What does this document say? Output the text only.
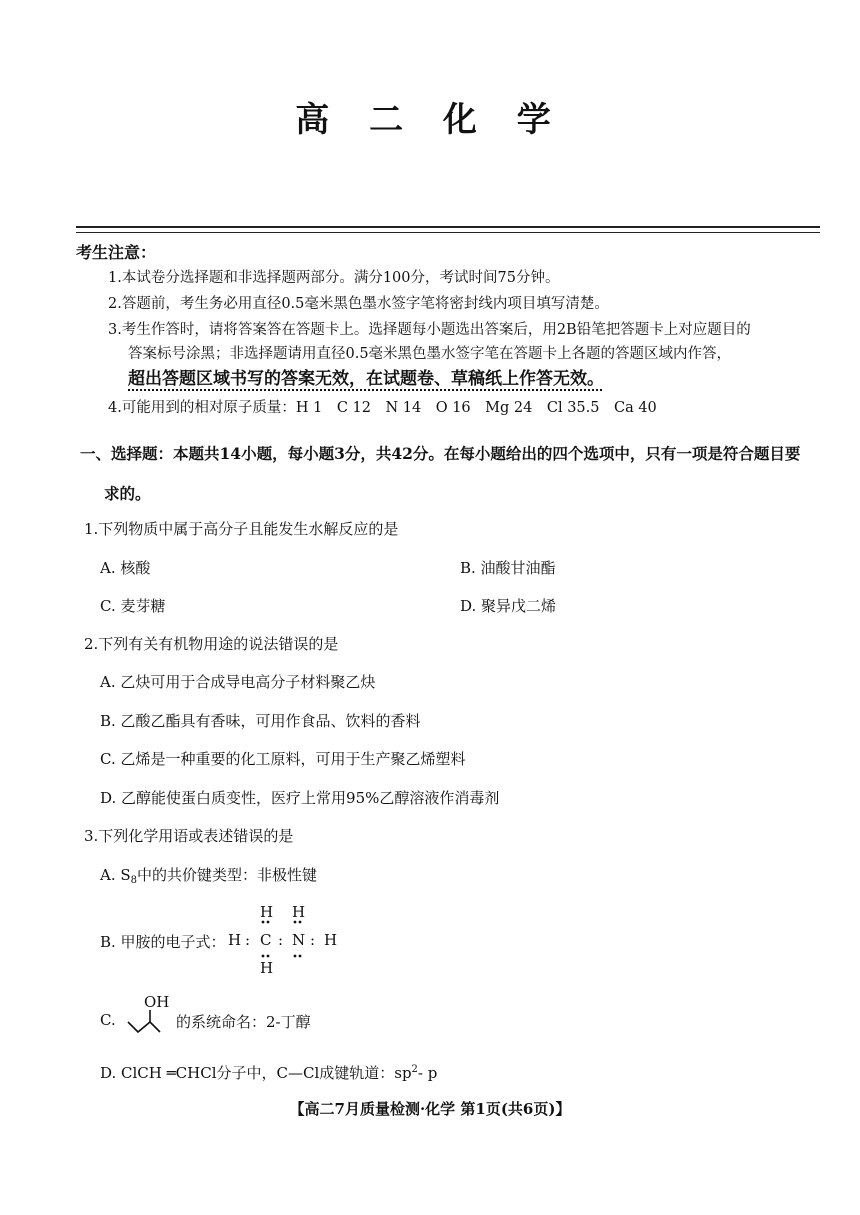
高 二 化 学
考生注意：
1.本试卷分选择题和非选择题两部分。满分100分，考试时间75分钟。
2.答题前，考生务必用直径0.5毫米黑色墨水签字笔将密封线内项目填写清楚。
3.考生作答时，请将答案答在答题卡上。选择题每小题选出答案后，用2B铅笔把答题卡上对应题目的
答案标号涂黑；非选择题请用直径0.5毫米黑色墨水签字笔在答题卡上各题的答题区域内作答，
超出答题区域书写的答案无效，在试题卷、草稿纸上作答无效。
4.可能用到的相对原子质量：H 1　C 12　N 14　O 16　Mg 24　Cl 35.5　Ca 40
一、选择题：本题共14小题，每小题3分，共42分。在每小题给出的四个选项中，只有一项是符合题目要
求的。
1.下列物质中属于高分子且能发生水解反应的是
A. 核酸	B. 油酸甘油酯
C. 麦芽糖	D. 聚异戊二烯
2.下列有关有机物用途的说法错误的是
A. 乙炔可用于合成导电高分子材料聚乙炔
B. 乙酸乙酯具有香味，可用作食品、饮料的香料
C. 乙烯是一种重要的化工原料，可用于生产聚乙烯塑料
D. 乙醇能使蛋白质变性，医疗上常用95%乙醇溶液作消毒剂
3.下列化学用语或表述错误的是
A. $S_8$中的共价键类型：非极性键
B. 甲胺的电子式：
H H
H : C : N : H
H
C.
OH
的系统命名：2-丁醇
D. ClCH ═CHCl分子中，C—Cl成键轨道：$sp^2-$ p
【高二7月质量检测·化学 第1页(共6页)】
